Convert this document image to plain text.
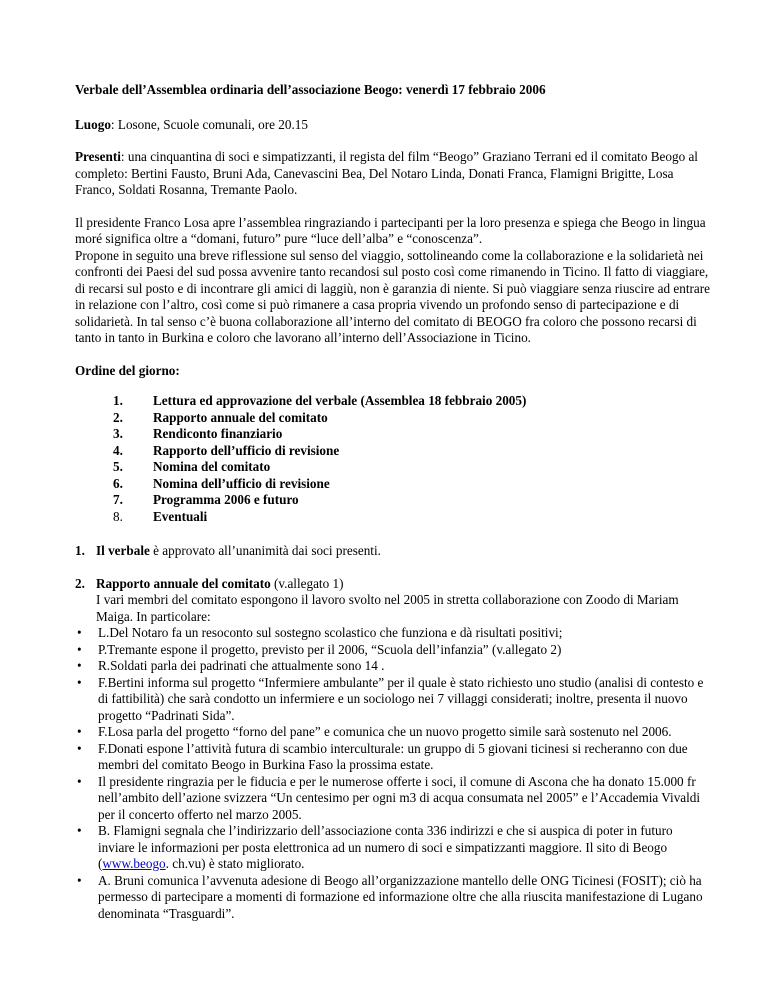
Verbale dell’Assemblea ordinaria dell’associazione Beogo: venerdì 17 febbraio 2006

Luogo: Losone, Scuole comunali, ore 20.15

Presenti: una cinquantina di soci e simpatizzanti, il regista del film “Beogo” Graziano Terrani ed il comitato Beogo al completo: Bertini Fausto, Bruni Ada, Canevascini Bea, Del Notaro Linda, Donati Franca, Flamigni Brigitte, Losa Franco, Soldati Rosanna, Tremante Paolo.

Il presidente Franco Losa apre l’assemblea ringraziando i partecipanti per la loro presenza e spiega che Beogo in lingua moré significa oltre a “domani, futuro” pure “luce dell’alba” e “conoscenza”.

Propone in seguito una breve riflessione sul senso del viaggio, sottolineando come la collaborazione e la solidarietà nei confronti dei Paesi del sud possa avvenire tanto recandosi sul posto così come rimanendo in Ticino. Il fatto di viaggiare, di recarsi sul posto e di incontrare gli amici di laggiù, non è garanzia di niente. Si può viaggiare senza riuscire ad entrare in relazione con l’altro, così come si può rimanere a casa propria vivendo un profondo senso di partecipazione e di solidarietà. In tal senso c’è buona collaborazione all’interno del comitato di BEOGO fra coloro che possono recarsi di tanto in tanto in Burkina e coloro che lavorano all’interno dell’Associazione in Ticino.

Ordine del giorno:

1.	Lettura ed approvazione del verbale (Assemblea 18 febbraio 2005)
2.	Rapporto annuale del comitato
3.	Rendiconto finanziario
4.	Rapporto dell’ufficio di revisione
5.	Nomina del comitato
6.	Nomina dell’ufficio di revisione
7.	Programma 2006 e futuro
8.	Eventuali
1. Il verbale è approvato all’unanimità dai soci presenti.
2. Rapporto annuale del comitato (v.allegato 1)

I vari membri del comitato espongono il lavoro svolto nel 2005 in stretta collaborazione con Zoodo di Mariam Maiga. In particolare:

•	L.Del Notaro fa un resoconto sul sostegno scolastico che funziona e dà risultati positivi;
•	P.Tremante espone il progetto, previsto per il 2006, “Scuola dell’infanzia” (v.allegato 2)
•	R.Soldati parla dei padrinati che attualmente sono 14 .
•	F.Bertini informa sul progetto “Infermiere ambulante” per il quale è stato richiesto uno studio (analisi di contesto e di fattibilità) che sarà condotto un infermiere e un sociologo nei 7 villaggi considerati; inoltre, presenta il nuovo progetto “Padrinati Sida”.
•	F.Losa parla del progetto “forno del pane” e comunica che un nuovo progetto simile sarà sostenuto nel 2006.
•	F.Donati espone l’attività futura di scambio interculturale: un gruppo di 5 giovani ticinesi si recheranno con due membri del comitato Beogo in Burkina Faso la prossima estate.
•	Il presidente ringrazia per le fiducia e per le numerose offerte i soci, il comune di Ascona che ha donato 15.000 fr nell’ambito dell’azione svizzera “Un centesimo per ogni m3 di acqua consumata nel 2005” e l’Accademia Vivaldi per il concerto offerto nel marzo 2005.
•	B. Flamigni segnala che l’indirizzario dell’associazione conta 336 indirizzi e che si auspica di poter in futuro inviare le informazioni per posta elettronica ad un numero di soci e simpatizzanti maggiore. Il sito di Beogo (www.beogo. ch.vu) è stato migliorato.
•	A. Bruni comunica l’avvenuta adesione di Beogo all’organizzazione mantello delle ONG Ticinesi (FOSIT); ciò ha permesso di partecipare a momenti di formazione ed informazione oltre che alla riuscita manifestazione di Lugano denominata “Trasguardi”.
